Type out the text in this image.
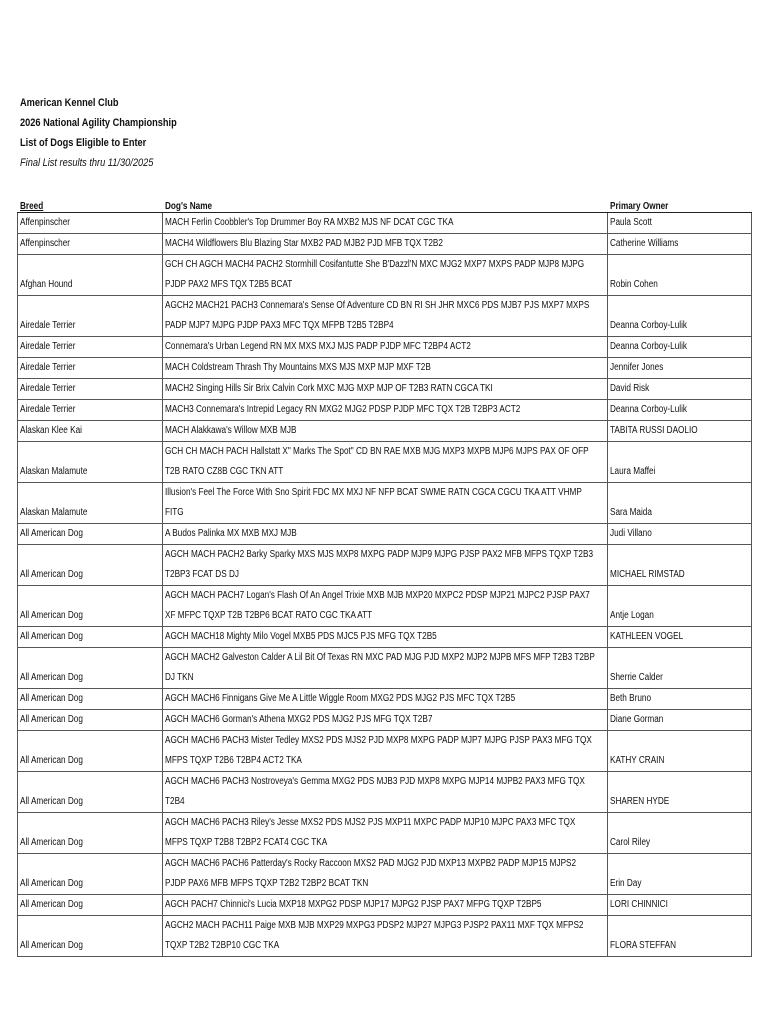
American Kennel Club
2026 National Agility Championship
List of Dogs Eligible to Enter
Final List results thru 11/30/2025
Breed	Dog's Name	Primary Owner

Affenpinscher	MACH Ferlin Coobbler's Top Drummer Boy RA MXB2 MJS NF DCAT CGC TKA	Paula Scott

Affenpinscher	MACH4 Wildflowers Blu Blazing Star MXB2 PAD MJB2 PJD MFB TQX T2B2	Catherine Williams

Afghan Hound	GCH CH AGCH MACH4 PACH2 Stormhill Cosifantutte She B'Dazzl'N MXC MJG2 MXP7 MXPS PADP MJP8 MJPG PJDP PAX2 MFS TQX T2B5 BCAT	Robin Cohen

Airedale Terrier	AGCH2 MACH21 PACH3 Connemara's Sense Of Adventure CD BN RI SH JHR MXC6 PDS MJB7 PJS MXP7 MXPS PADP MJP7 MJPG PJDP PAX3 MFC TQX MFPB T2B5 T2BP4	Deanna Corboy-Lulik

Airedale Terrier	Connemara's Urban Legend RN MX MXS MXJ MJS PADP PJDP MFC T2BP4 ACT2	Deanna Corboy-Lulik

Airedale Terrier	MACH Coldstream Thrash Thy Mountains MXS MJS MXP MJP MXF T2B	Jennifer Jones

Airedale Terrier	MACH2 Singing Hills Sir Brix Calvin Cork MXC MJG MXP MJP OF T2B3 RATN CGCA TKI	David Risk

Airedale Terrier	MACH3 Connemara's Intrepid Legacy RN MXG2 MJG2 PDSP PJDP MFC TQX T2B T2BP3 ACT2	Deanna Corboy-Lulik

Alaskan Klee Kai	MACH Alakkawa's Willow MXB MJB	TABITA RUSSI DAOLIO

Alaskan Malamute	GCH CH MACH PACH Hallstatt X" Marks The Spot" CD BN RAE MXB MJG MXP3 MXPB MJP6 MJPS PAX OF OFP T2B RATO CZ8B CGC TKN ATT	Laura Maffei

Alaskan Malamute	Illusion's Feel The Force With Sno Spirit FDC MX MXJ NF NFP BCAT SWME RATN CGCA CGCU TKA ATT VHMP FITG	Sara Maida

All American Dog	A Budos Palinka MX MXB MXJ MJB	Judi Villano

All American Dog	AGCH MACH PACH2 Barky Sparky MXS MJS MXP8 MXPG PADP MJP9 MJPG PJSP PAX2 MFB MFPS TQXP T2B3 T2BP3 FCAT DS DJ	MICHAEL RIMSTAD

All American Dog	AGCH MACH PACH7 Logan's Flash Of An Angel Trixie MXB MJB MXP20 MXPC2 PDSP MJP21 MJPC2 PJSP PAX7 XF MFPC TQXP T2B T2BP6 BCAT RATO CGC TKA ATT	Antje Logan

All American Dog	AGCH MACH18 Mighty Milo Vogel MXB5 PDS MJC5 PJS MFG TQX T2B5	KATHLEEN VOGEL

All American Dog	AGCH MACH2 Galveston Calder A Lil Bit Of Texas RN MXC PAD MJG PJD MXP2 MJP2 MJPB MFS MFP T2B3 T2BP DJ TKN	Sherrie Calder

All American Dog	AGCH MACH6 Finnigans Give Me A Little Wiggle Room MXG2 PDS MJG2 PJS MFC TQX T2B5	Beth Bruno

All American Dog	AGCH MACH6 Gorman's Athena MXG2 PDS MJG2 PJS MFG TQX T2B7	Diane Gorman

All American Dog	AGCH MACH6 PACH3 Mister Tedley MXS2 PDS MJS2 PJD MXP8 MXPG PADP MJP7 MJPG PJSP PAX3 MFG TQX MFPS TQXP T2B6 T2BP4 ACT2 TKA	KATHY CRAIN

All American Dog	AGCH MACH6 PACH3 Nostroveya's Gemma MXG2 PDS MJB3 PJD MXP8 MXPG MJP14 MJPB2 PAX3 MFG TQX T2B4	SHAREN HYDE

All American Dog	AGCH MACH6 PACH3 Riley's Jesse MXS2 PDS MJS2 PJS MXP11 MXPC PADP MJP10 MJPC PAX3 MFC TQX MFPS TQXP T2B8 T2BP2 FCAT4 CGC TKA	Carol Riley

All American Dog	AGCH MACH6 PACH6 Patterday's Rocky Raccoon MXS2 PAD MJG2 PJD MXP13 MXPB2 PADP MJP15 MJPS2 PJDP PAX6 MFB MFPS TQXP T2B2 T2BP2 BCAT TKN	Erin Day

All American Dog	AGCH PACH7 Chinnici's Lucia MXP18 MXPG2 PDSP MJP17 MJPG2 PJSP PAX7 MFPG TQXP T2BP5	LORI CHINNICI

All American Dog	AGCH2 MACH PACH11 Paige MXB MJB MXP29 MXPG3 PDSP2 MJP27 MJPG3 PJSP2 PAX11 MXF TQX MFPS2 TQXP T2B2 T2BP10 CGC TKA	FLORA STEFFAN
